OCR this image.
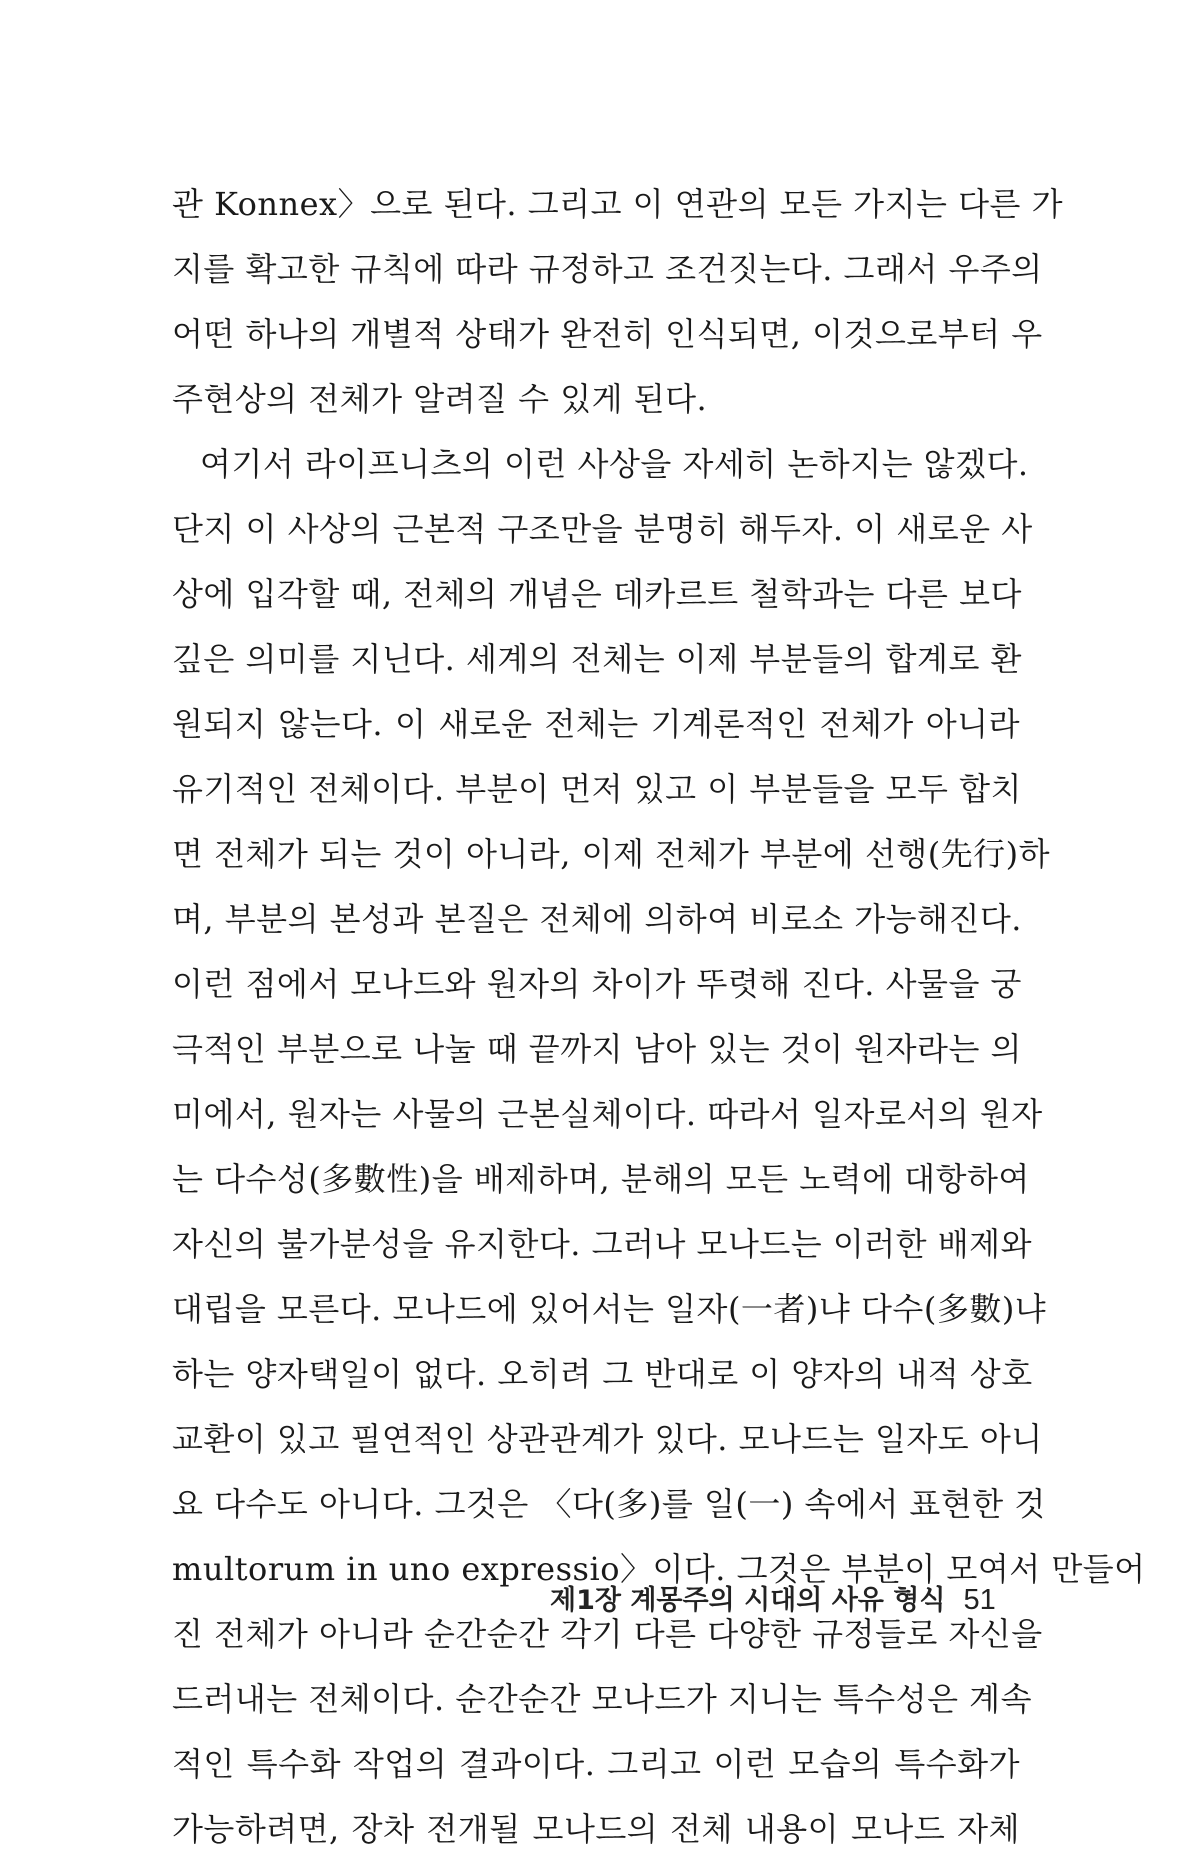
관 Konnex〉으로 된다. 그리고 이 연관의 모든 가지는 다른 가
지를 확고한 규칙에 따라 규정하고 조건짓는다. 그래서 우주의
어떤 하나의 개별적 상태가 완전히 인식되면, 이것으로부터 우
주현상의 전체가 알려질 수 있게 된다.
여기서 라이프니츠의 이런 사상을 자세히 논하지는 않겠다.
단지 이 사상의 근본적 구조만을 분명히 해두자. 이 새로운 사
상에 입각할 때, 전체의 개념은 데카르트 철학과는 다른 보다
깊은 의미를 지닌다. 세계의 전체는 이제 부분들의 합계로 환
원되지 않는다. 이 새로운 전체는 기계론적인 전체가 아니라
유기적인 전체이다. 부분이 먼저 있고 이 부분들을 모두 합치
면 전체가 되는 것이 아니라, 이제 전체가 부분에 선행(先行)하
며, 부분의 본성과 본질은 전체에 의하여 비로소 가능해진다.
이런 점에서 모나드와 원자의 차이가 뚜렷해 진다. 사물을 궁
극적인 부분으로 나눌 때 끝까지 남아 있는 것이 원자라는 의
미에서, 원자는 사물의 근본실체이다. 따라서 일자로서의 원자
는 다수성(多數性)을 배제하며, 분해의 모든 노력에 대항하여
자신의 불가분성을 유지한다. 그러나 모나드는 이러한 배제와
대립을 모른다. 모나드에 있어서는 일자(一者)냐 다수(多數)냐
하는 양자택일이 없다. 오히려 그 반대로 이 양자의 내적 상호
교환이 있고 필연적인 상관관계가 있다. 모나드는 일자도 아니
요 다수도 아니다. 그것은 〈다(多)를 일(一) 속에서 표현한 것
multorum in uno expressio〉이다. 그것은 부분이 모여서 만들어
진 전체가 아니라 순간순간 각기 다른 다양한 규정들로 자신을
드러내는 전체이다. 순간순간 모나드가 지니는 특수성은 계속
적인 특수화 작업의 결과이다. 그리고 이런 모습의 특수화가
가능하려면, 장차 전개될 모나드의 전체 내용이 모나드 자체
제1장 계몽주의 시대의 사유 형식 51
